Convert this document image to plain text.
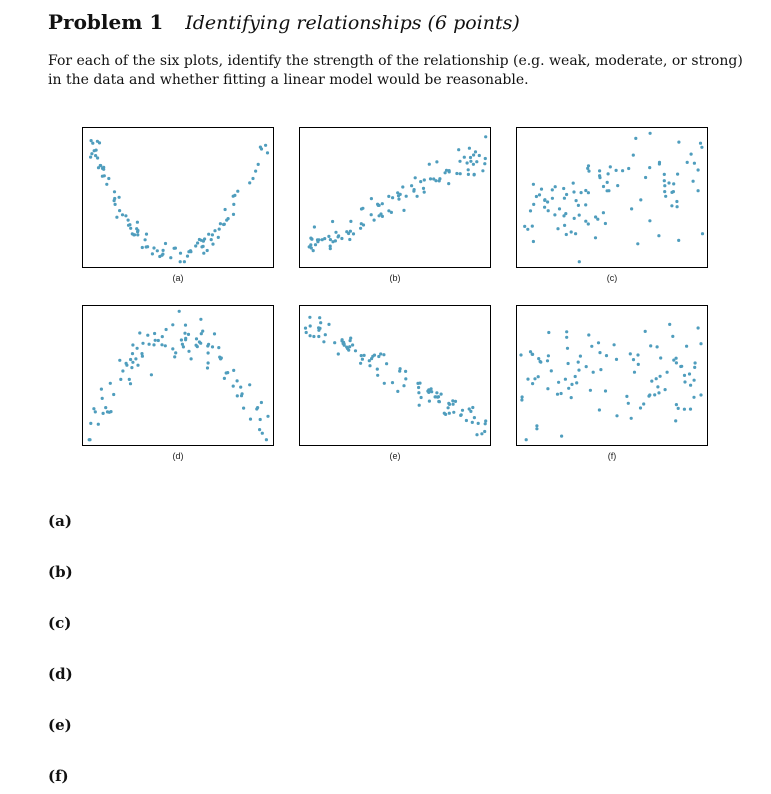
Problem 1 Identifying relationships (6 points)
For each of the six plots, identify the strength of the relationship (e.g. weak, moderate, or strong) in the data and whether fitting a linear model would be reasonable.
(a)	(b)	(c)
(d)	(e)	(f)
(a)
(b)
(c)
(d)
(e)
(f)
